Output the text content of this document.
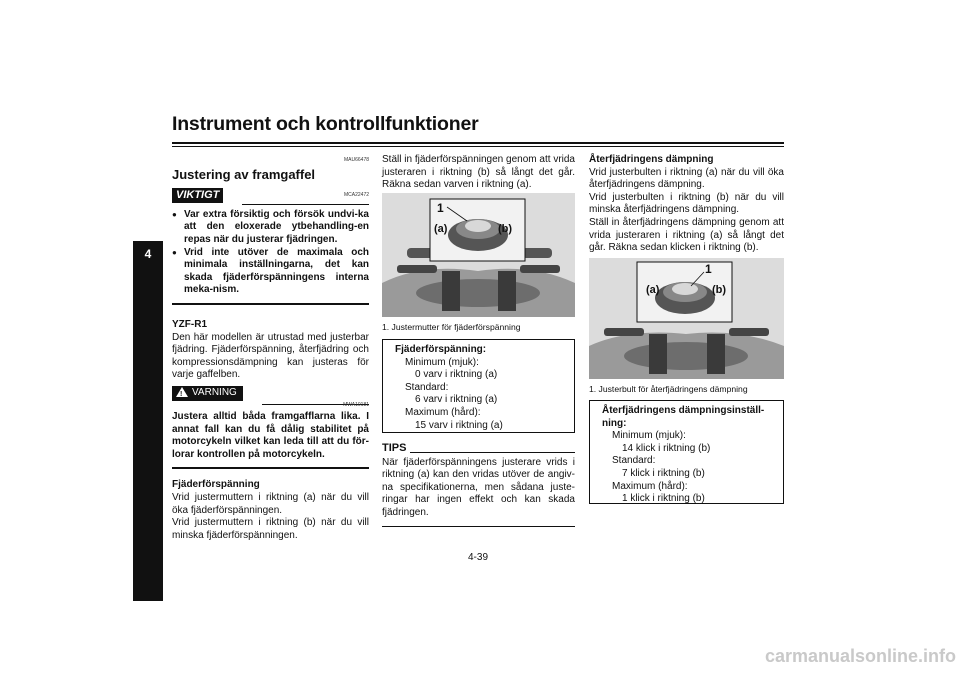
Instrument och kontrollfunktioner
4
MAU66478
Justering av framgaffel
VIKTIGT	MCA22472
● Var extra försiktig och försök undvi-ka att den eloxerade ytbehandling-en repas när du justerar fjädringen.
● Vrid inte utöver de maximala och minimala inställningarna, det kan skada fjäderförspänningens interna meka-nism.
YZF-R1
Den här modellen är utrustad med justerbar fjädring. Fjäderförspänning, återfjädring och kompressionsdämpning kan justeras för varje gaffelben.
! VARNING
MWA10181
Justera alltid båda framgafflarna lika. I annat fall kan du få dålig stabilitet på motorcykeln vilket kan leda till att du för-lorar kontrollen på motorcykeln.
Fjäderförspänning
Vrid justermuttern i riktning (a) när du vill öka fjäderförspänningen.
Vrid justermuttern i riktning (b) när du vill minska fjäderförspänningen.
Ställ in fjäderförspänningen genom att vrida justeraren i riktning (b) så långt det går. Räkna sedan varven i riktning (a).
1
(a)	(b)
1. Justermutter för fjäderförspänning
Fjäderförspänning:
Minimum (mjuk):
0 varv i riktning (a)
Standard:
6 varv i riktning (a)
Maximum (hård):
15 varv i riktning (a)
TIPS
När fjäderförspänningens justerare vrids i riktning (a) kan den vridas utöver de angiv-na specifikationerna, men sådana juste-ringar har ingen effekt och kan skada fjädringen.
Återfjädringens dämpning
Vrid justerbulten i riktning (a) när du vill öka återfjädringens dämpning.
Vrid justerbulten i riktning (b) när du vill minska återfjädringens dämpning.
Ställ in återfjädringens dämpning genom att vrida justeraren i riktning (a) så långt det går. Räkna sedan klicken i riktning (b).
1
(a)	(b)
1. Justerbult för återfjädringens dämpning
Återfjädringens dämpningsinställ-ning:
Minimum (mjuk):
14 klick i riktning (b)
Standard:
7 klick i riktning (b)
Maximum (hård):
1 klick i riktning (b)
4-39
carmanualsonline.info
